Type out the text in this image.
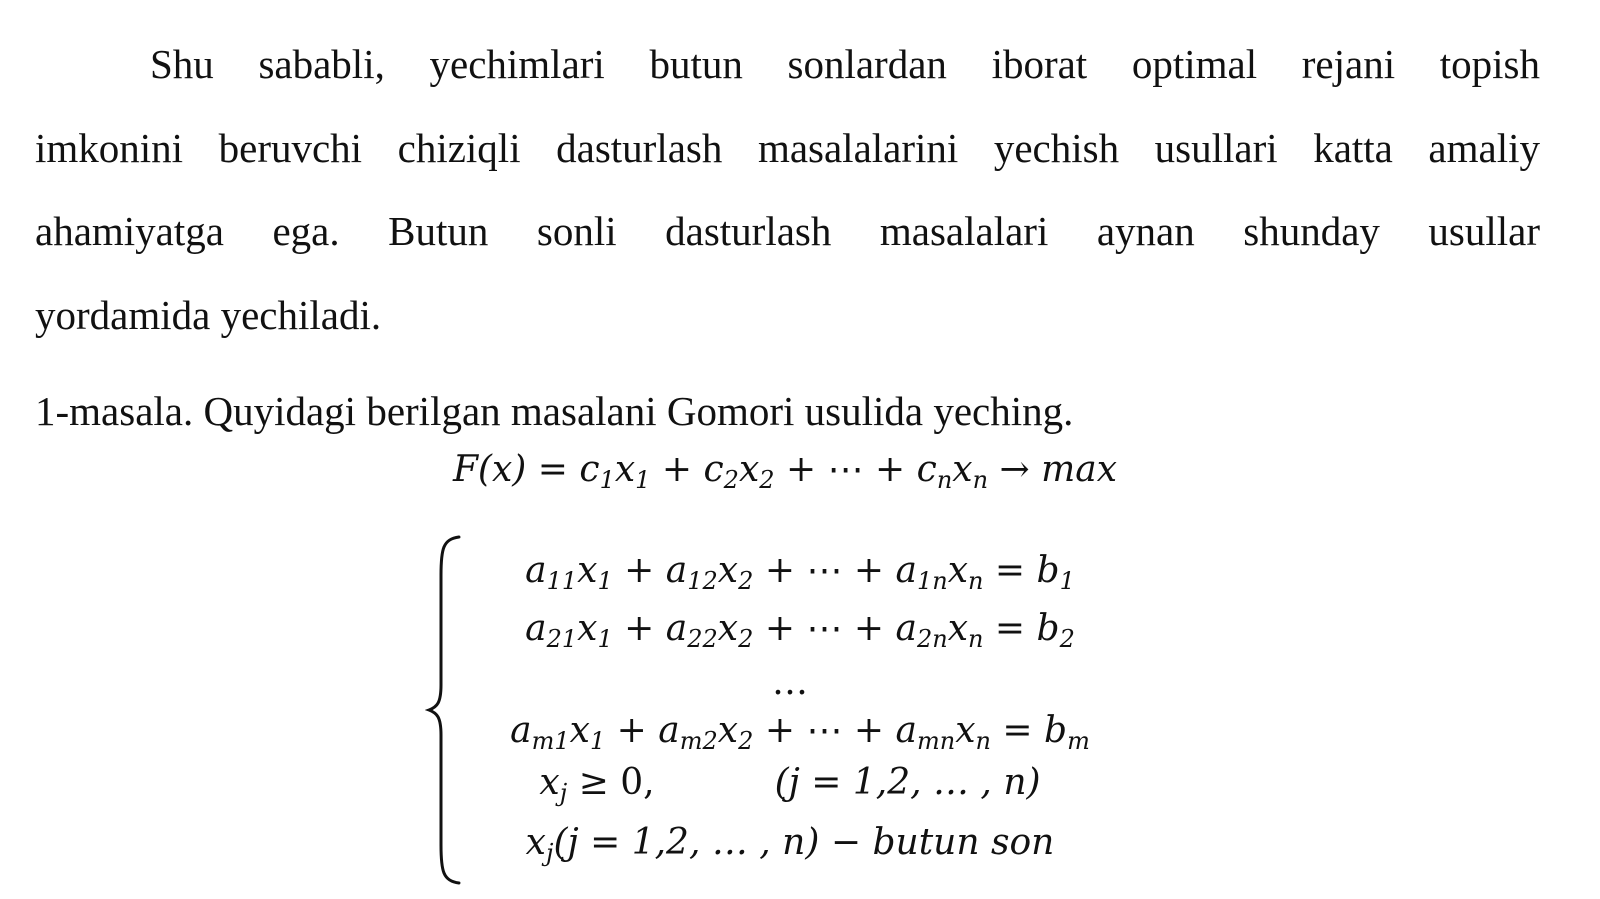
Shu sababli, yechimlari butun sonlardan iborat optimal rejani topish
imkonini beruvchi chiziqli dasturlash masalalarini yechish usullari katta amaliy
ahamiyatga ega. Butun sonli dasturlash masalalari aynan shunday usullar
yordamida yechiladi.
1-masala. Quyidagi berilgan masalani Gomori usulida yeching.
$F(x) = c_1x_1 + c_2x_2$ + ⋯ + $c_nx_n \to \max$
$a_{11}x_1 + a_{12}x_2$ + ⋯ + $a_{1n}x_n = b_1$
$a_{21}x_1 + a_{22}x_2$ + ⋯ + $a_{2n}x_n = b_2$
…
$a_{m1}x_1 + a_{m2}x_2$ + ⋯ + $a_{mn}x_n = b_m$
$x_j \ge 0$,	(j = 1,2, … , n)
$x_j(j = 1,2$, … , n) − butun son
